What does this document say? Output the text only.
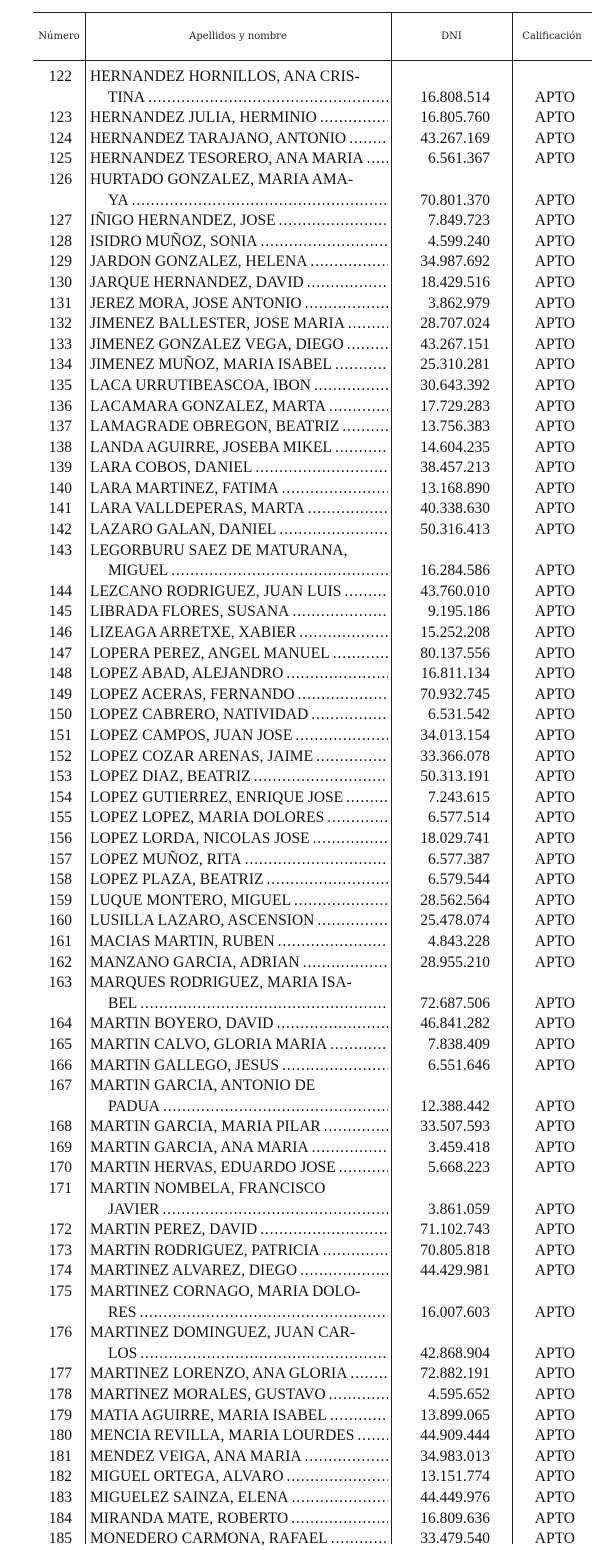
Número	Apellidos y nombre	DNI	Calificación
122	HERNANDEZ HORNILLOS, ANA CRIS-
TINA . . .	16.808.514	APTO
123	HERNANDEZ JULIA, HERMINIO . . .	16.805.760	APTO
124	HERNANDEZ TARAJANO, ANTONIO . . .	43.267.169	APTO
125	HERNANDEZ TESORERO, ANA MARIA . . .	6.561.367	APTO
126	HURTADO GONZALEZ, MARIA AMA-
YA . . .	70.801.370	APTO
127	IÑIGO HERNANDEZ, JOSE . . .	7.849.723	APTO
128	ISIDRO MUÑOZ, SONIA . . .	4.599.240	APTO
129	JARDON GONZALEZ, HELENA . . .	34.987.692	APTO
130	JARQUE HERNANDEZ, DAVID . . .	18.429.516	APTO
131	JEREZ MORA, JOSE ANTONIO . . .	3.862.979	APTO
132	JIMENEZ BALLESTER, JOSE MARIA . . .	28.707.024	APTO
133	JIMENEZ GONZALEZ VEGA, DIEGO . . .	43.267.151	APTO
134	JIMENEZ MUÑOZ, MARIA ISABEL . . .	25.310.281	APTO
135	LACA URRUTIBEASCOA, IBON . . .	30.643.392	APTO
136	LACAMARA GONZALEZ, MARTA . . .	17.729.283	APTO
137	LAMAGRADE OBREGON, BEATRIZ . . .	13.756.383	APTO
138	LANDA AGUIRRE, JOSEBA MIKEL . . .	14.604.235	APTO
139	LARA COBOS, DANIEL . . .	38.457.213	APTO
140	LARA MARTINEZ, FATIMA . . .	13.168.890	APTO
141	LARA VALLDEPERAS, MARTA . . .	40.338.630	APTO
142	LAZARO GALAN, DANIEL . . .	50.316.413	APTO
143	LEGORBURU SAEZ DE MATURANA,
MIGUEL . . .	16.284.586	APTO
144	LEZCANO RODRIGUEZ, JUAN LUIS . . .	43.760.010	APTO
145	LIBRADA FLORES, SUSANA . . .	9.195.186	APTO
146	LIZEAGA ARRETXE, XABIER . . .	15.252.208	APTO
147	LOPERA PEREZ, ANGEL MANUEL . . .	80.137.556	APTO
148	LOPEZ ABAD, ALEJANDRO . . .	16.811.134	APTO
149	LOPEZ ACERAS, FERNANDO . . .	70.932.745	APTO
150	LOPEZ CABRERO, NATIVIDAD . . .	6.531.542	APTO
151	LOPEZ CAMPOS, JUAN JOSE . . .	34.013.154	APTO
152	LOPEZ COZAR ARENAS, JAIME . . .	33.366.078	APTO
153	LOPEZ DIAZ, BEATRIZ . . .	50.313.191	APTO
154	LOPEZ GUTIERREZ, ENRIQUE JOSE . . .	7.243.615	APTO
155	LOPEZ LOPEZ, MARIA DOLORES . . .	6.577.514	APTO
156	LOPEZ LORDA, NICOLAS JOSE . . .	18.029.741	APTO
157	LOPEZ MUÑOZ, RITA . . .	6.577.387	APTO
158	LOPEZ PLAZA, BEATRIZ . . .	6.579.544	APTO
159	LUQUE MONTERO, MIGUEL . . .	28.562.564	APTO
160	LUSILLA LAZARO, ASCENSION . . .	25.478.074	APTO
161	MACIAS MARTIN, RUBEN . . .	4.843.228	APTO
162	MANZANO GARCIA, ADRIAN . . .	28.955.210	APTO
163	MARQUES RODRIGUEZ, MARIA ISA-
BEL . . .	72.687.506	APTO
164	MARTIN BOYERO, DAVID . . .	46.841.282	APTO
165	MARTIN CALVO, GLORIA MARIA . . .	7.838.409	APTO
166	MARTIN GALLEGO, JESUS . . .	6.551.646	APTO
167	MARTIN GARCIA, ANTONIO DE
PADUA . . .	12.388.442	APTO
168	MARTIN GARCIA, MARIA PILAR . . .	33.507.593	APTO
169	MARTIN GARCIA, ANA MARIA . . .	3.459.418	APTO
170	MARTIN HERVAS, EDUARDO JOSE . . .	5.668.223	APTO
171	MARTIN NOMBELA, FRANCISCO
JAVIER . . .	3.861.059	APTO
172	MARTIN PEREZ, DAVID . . .	71.102.743	APTO
173	MARTIN RODRIGUEZ, PATRICIA . . .	70.805.818	APTO
174	MARTINEZ ALVAREZ, DIEGO . . .	44.429.981	APTO
175	MARTINEZ CORNAGO, MARIA DOLO-
RES . . .	16.007.603	APTO
176	MARTINEZ DOMINGUEZ, JUAN CAR-
LOS . . .	42.868.904	APTO
177	MARTINEZ LORENZO, ANA GLORIA . . .	72.882.191	APTO
178	MARTINEZ MORALES, GUSTAVO . . .	4.595.652	APTO
179	MATIA AGUIRRE, MARIA ISABEL . . .	13.899.065	APTO
180	MENCIA REVILLA, MARIA LOURDES . . .	44.909.444	APTO
181	MENDEZ VEIGA, ANA MARIA . . .	34.983.013	APTO
182	MIGUEL ORTEGA, ALVARO . . .	13.151.774	APTO
183	MIGUELEZ SAINZA, ELENA . . .	44.449.976	APTO
184	MIRANDA MATE, ROBERTO . . .	16.809.636	APTO
185	MONEDERO CARMONA, RAFAEL . . .	33.479.540	APTO
